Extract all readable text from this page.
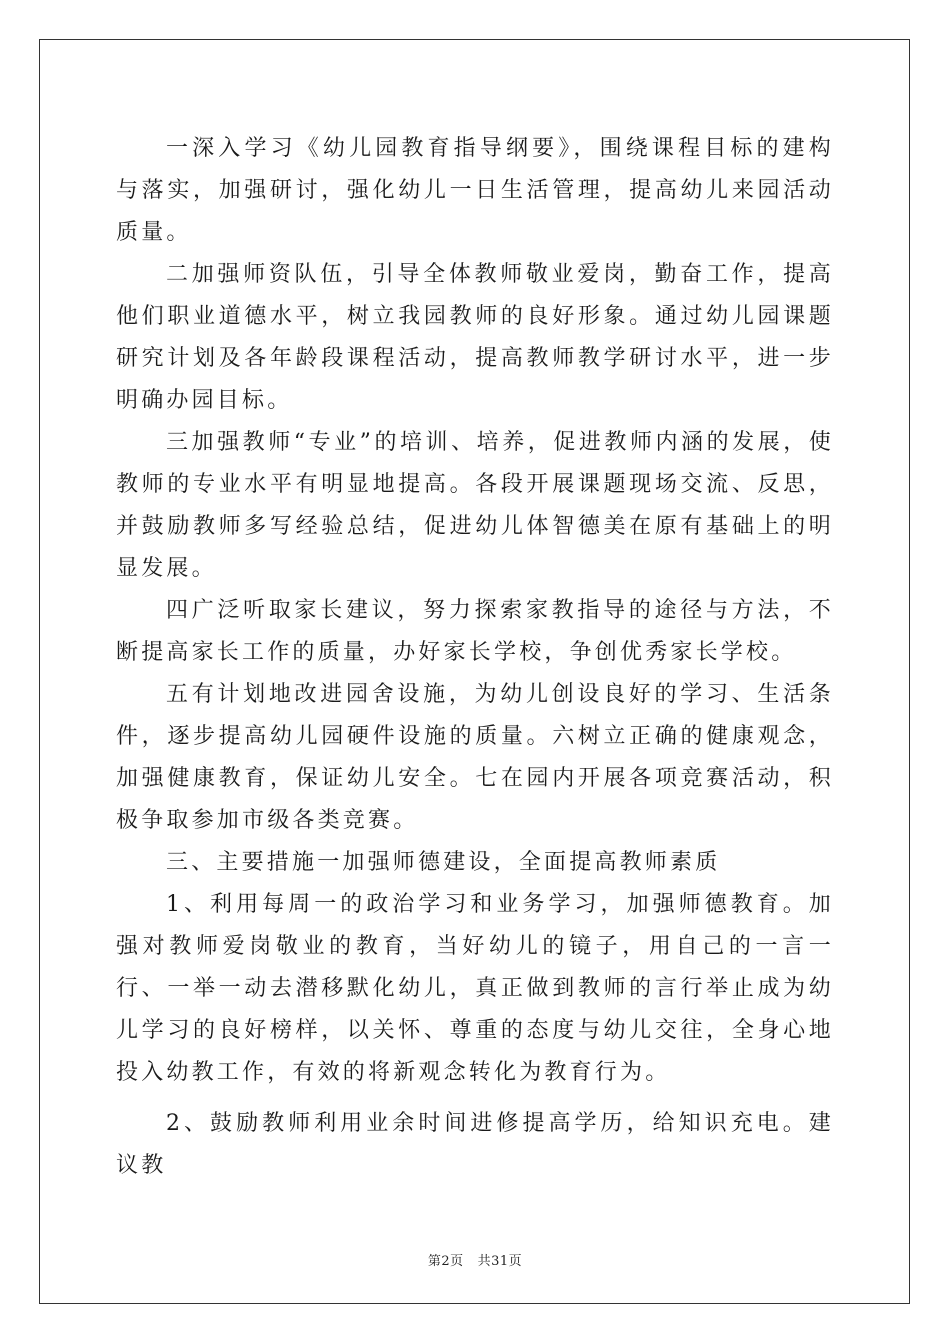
一深入学习《幼儿园教育指导纲要》，围绕课程目标的建构与落实，加强研讨，强化幼儿一日生活管理，提高幼儿来园活动质量。

二加强师资队伍，引导全体教师敬业爱岗，勤奋工作，提高他们职业道德水平，树立我园教师的良好形象。通过幼儿园课题研究计划及各年龄段课程活动，提高教师教学研讨水平，进一步明确办园目标。

三加强教师“专业”的培训、培养，促进教师内涵的发展，使教师的专业水平有明显地提高。各段开展课题现场交流、反思，并鼓励教师多写经验总结，促进幼儿体智德美在原有基础上的明显发展。

四广泛听取家长建议，努力探索家教指导的途径与方法，不断提高家长工作的质量，办好家长学校，争创优秀家长学校。

五有计划地改进园舍设施，为幼儿创设良好的学习、生活条件，逐步提高幼儿园硬件设施的质量。六树立正确的健康观念，加强健康教育，保证幼儿安全。七在园内开展各项竞赛活动，积极争取参加市级各类竞赛。

三、主要措施一加强师德建设，全面提高教师素质

1、利用每周一的政治学习和业务学习，加强师德教育。加强对教师爱岗敬业的教育，当好幼儿的镜子，用自己的一言一行、一举一动去潜移默化幼儿，真正做到教师的言行举止成为幼儿学习的良好榜样，以关怀、尊重的态度与幼儿交往，全身心地投入幼教工作，有效的将新观念转化为教育行为。

2、鼓励教师利用业余时间进修提高学历，给知识充电。建议教

第2页 共31页
